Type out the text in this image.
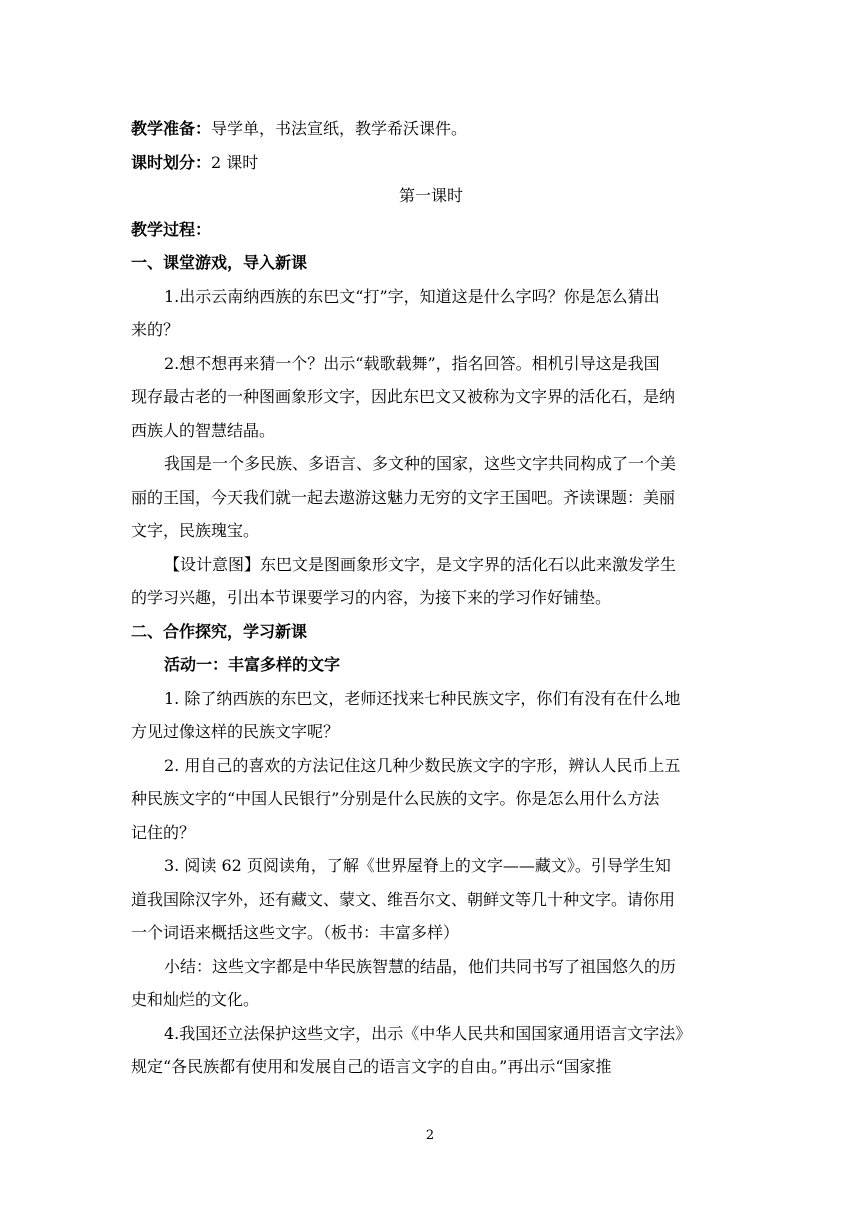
教学准备：导学单，书法宣纸，教学希沃课件。
课时划分：2 课时
第一课时
教学过程：
一、课堂游戏，导入新课
1.出示云南纳西族的东巴文“打”字，知道这是什么字吗？你是怎么猜出
来的？
2.想不想再来猜一个？出示“载歌载舞”，指名回答。相机引导这是我国
现存最古老的一种图画象形文字，因此东巴文又被称为文字界的活化石，是纳
西族人的智慧结晶。
我国是一个多民族、多语言、多文种的国家，这些文字共同构成了一个美
丽的王国，今天我们就一起去遨游这魅力无穷的文字王国吧。齐读课题：美丽
文字，民族瑰宝。
【设计意图】东巴文是图画象形文字，是文字界的活化石以此来激发学生
的学习兴趣，引出本节课要学习的内容，为接下来的学习作好铺垫。
二、合作探究，学习新课
活动一：丰富多样的文字
1. 除了纳西族的东巴文，老师还找来七种民族文字，你们有没有在什么地
方见过像这样的民族文字呢？
2. 用自己的喜欢的方法记住这几种少数民族文字的字形，辨认人民币上五
种民族文字的“中国人民银行”分别是什么民族的文字。你是怎么用什么方法
记住的？
3. 阅读 62 页阅读角，了解《世界屋脊上的文字——藏文》。引导学生知
道我国除汉字外，还有藏文、蒙文、维吾尔文、朝鲜文等几十种文字。请你用
一个词语来概括这些文字。（板书：丰富多样）
小结：这些文字都是中华民族智慧的结晶，他们共同书写了祖国悠久的历
史和灿烂的文化。
4.我国还立法保护这些文字，出示《中华人民共和国国家通用语言文字法》
规定“各民族都有使用和发展自己的语言文字的自由。”再出示“国家推
2
